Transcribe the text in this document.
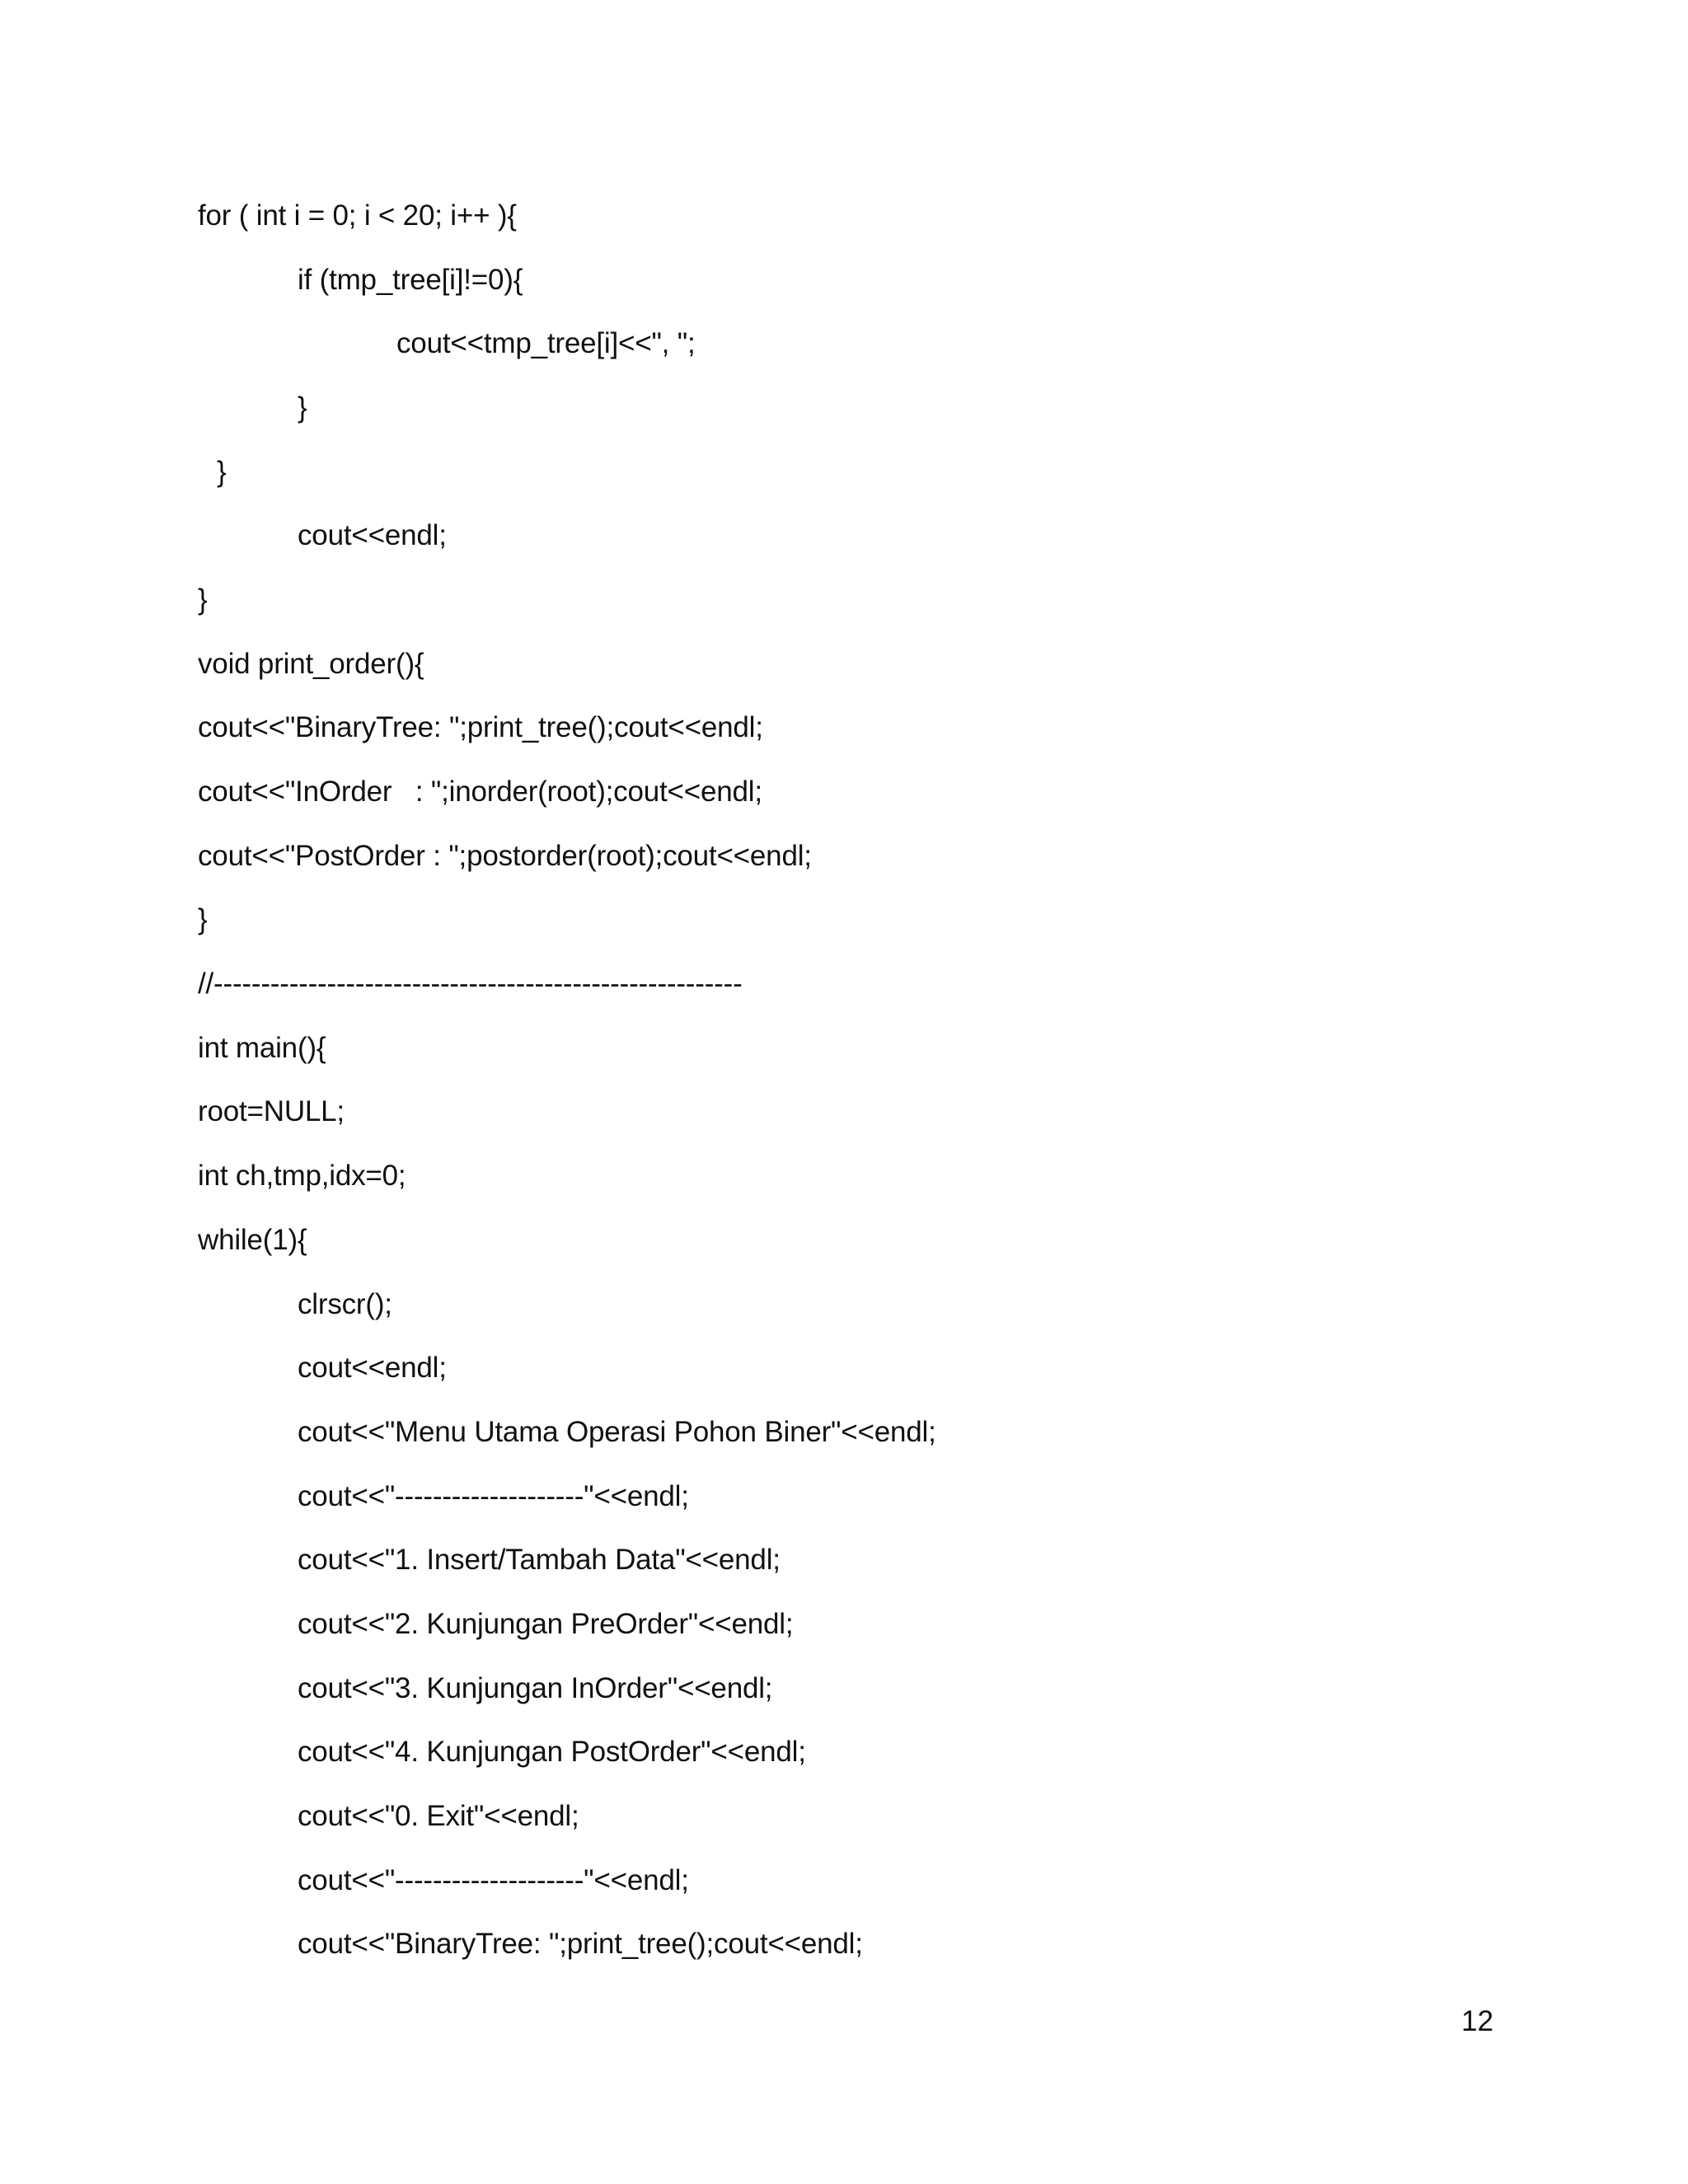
for ( int i = 0; i < 20; i++ ){
if (tmp_tree[i]!=0){
cout<<tmp_tree[i]<<", ";
}
}
cout<<endl;
}
void print_order(){
cout<<"BinaryTree: ";print_tree();cout<<endl;
cout<<"InOrder   : ";inorder(root);cout<<endl;
cout<<"PostOrder : ";postorder(root);cout<<endl;
}
//--------------------------------------------------------
int main(){
root=NULL;
int ch,tmp,idx=0;
while(1){
clrscr();
cout<<endl;
cout<<"Menu Utama Operasi Pohon Biner"<<endl;
cout<<"--------------------"<<endl;
cout<<"1. Insert/Tambah Data"<<endl;
cout<<"2. Kunjungan PreOrder"<<endl;
cout<<"3. Kunjungan InOrder"<<endl;
cout<<"4. Kunjungan PostOrder"<<endl;
cout<<"0. Exit"<<endl;
cout<<"--------------------"<<endl;
cout<<"BinaryTree: ";print_tree();cout<<endl;
12
